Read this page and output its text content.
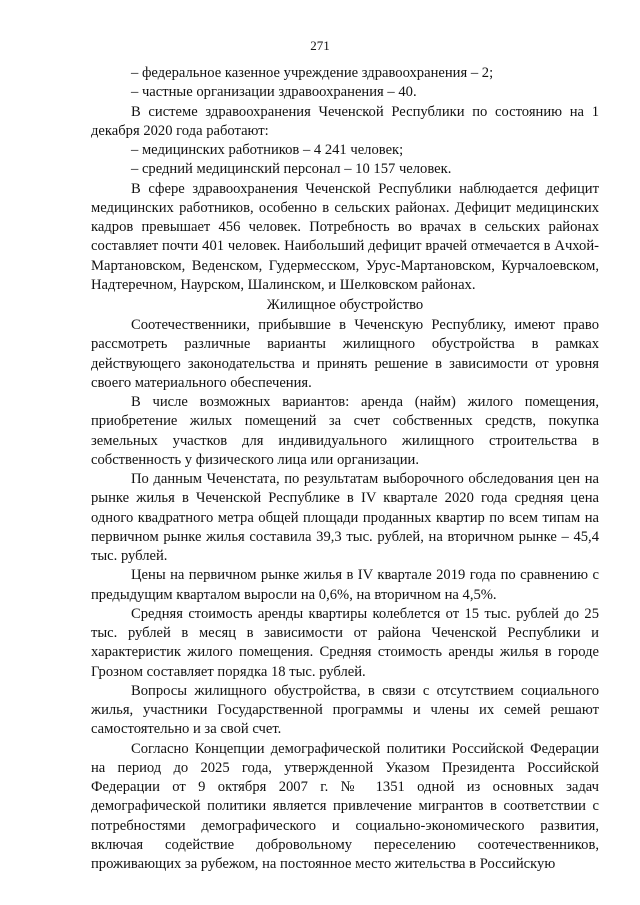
271

– федеральное казенное учреждение здравоохранения – 2;

– частные организации здравоохранения – 40.

В системе здравоохранения Чеченской Республики по состоянию на 1 декабря 2020 года работают:

– медицинских работников – 4 241 человек;

– средний медицинский персонал – 10 157 человек.

В сфере здравоохранения Чеченской Республики наблюдается дефицит медицинских работников, особенно в сельских районах. Дефицит медицинских кадров превышает 456 человек. Потребность во врачах в сельских районах составляет почти 401 человек. Наибольший дефицит врачей отмечается в Ачхой-Мартановском, Веденском, Гудермесском, Урус-Мартановском, Курчалоевском, Надтеречном, Наурском, Шалинском, и Шелковском районах.

Жилищное обустройство

Соотечественники, прибывшие в Чеченскую Республику, имеют право рассмотреть различные варианты жилищного обустройства в рамках действующего законодательства и принять решение в зависимости от уровня своего материального обеспечения.

В числе возможных вариантов: аренда (найм) жилого помещения, приобретение жилых помещений за счет собственных средств, покупка земельных участков для индивидуального жилищного строительства в собственность у физического лица или организации.

По данным Чеченстата, по результатам выборочного обследования цен на рынке жилья в Чеченской Республике в IV квартале 2020 года средняя цена одного квадратного метра общей площади проданных квартир по всем типам на первичном рынке жилья составила 39,3 тыс. рублей, на вторичном рынке – 45,4 тыс. рублей.

Цены на первичном рынке жилья в IV квартале 2019 года по сравнению с предыдущим кварталом выросли на 0,6%, на вторичном на 4,5%.

Средняя стоимость аренды квартиры колеблется от 15 тыс. рублей до 25 тыс. рублей в месяц в зависимости от района Чеченской Республики и характеристик жилого помещения. Средняя стоимость аренды жилья в городе Грозном составляет порядка 18 тыс. рублей.

Вопросы жилищного обустройства, в связи с отсутствием социального жилья, участники Государственной программы и члены их семей решают самостоятельно и за свой счет.

Согласно Концепции демографической политики Российской Федерации на период до 2025 года, утвержденной Указом Президента Российской Федерации от 9 октября 2007 г. № 1351 одной из основных задач демографической политики является привлечение мигрантов в соответствии с потребностями демографического и социально-экономического развития, включая содействие добровольному переселению соотечественников, проживающих за рубежом, на постоянное место жительства в Российскую
